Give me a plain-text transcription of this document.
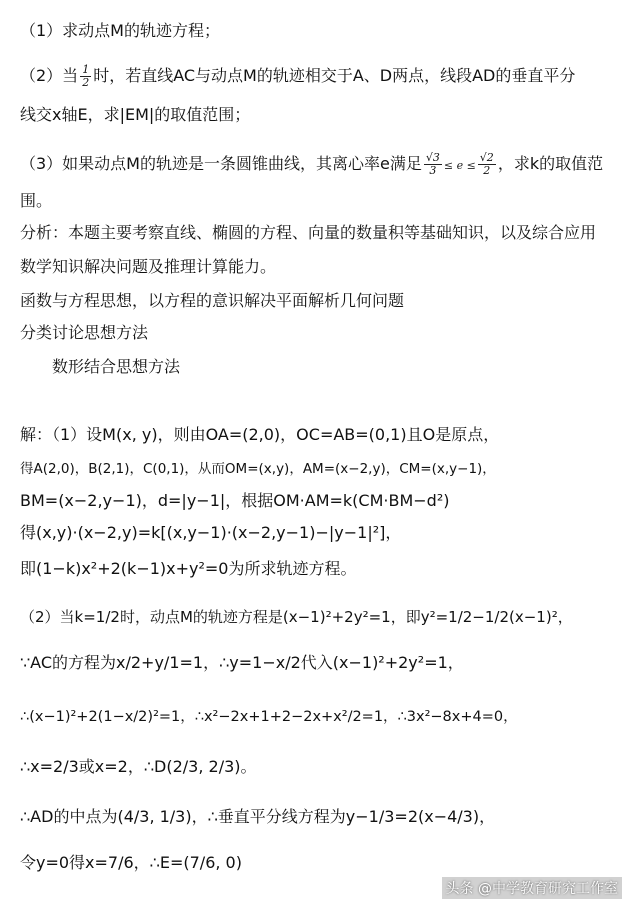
（1）求动点M的轨迹方程；
（2）当 $\frac{1}{2}$ 时，若直线AC与动点M的轨迹相交于A、D两点，线段AD的垂直平分
线交x轴E，求|EM|的取值范围；
（3）如果动点M的轨迹是一条圆锥曲线，其离心率e满足 $\frac{√3}{3} \le e \le \frac{√2}{2}$ ，求k的取值范
围。
分析：本题主要考察直线、椭圆的方程、向量的数量积等基础知识，以及综合应用
数学知识解决问题及推理计算能力。
函数与方程思想，以方程的意识解决平面解析几何问题
分类讨论思想方法
数形结合思想方法
解：（1）设M(x, y)，则由OA=(2,0)，OC=AB=(0,1)且O是原点，
得A(2,0)，B(2,1)，C(0,1)，从而OM=(x,y)，AM=(x−2,y)，CM=(x,y−1)，
BM=(x−2,y−1)，d=|y−1|，根据OM·AM=k(CM·BM−d²)
得(x,y)·(x−2,y)=k[(x,y−1)·(x−2,y−1)−|y−1|²]，
即(1−k)x²+2(k−1)x+y²=0为所求轨迹方程。
（2）当k=1/2时，动点M的轨迹方程是(x−1)²+2y²=1，即y²=1/2−1/2(x−1)²，
∵AC的方程为x/2+y/1=1，∴y=1−x/2代入(x−1)²+2y²=1，
∴(x−1)²+2(1−x/2)²=1，∴x²−2x+1+2−2x+x²/2=1，∴3x²−8x+4=0，
∴x=2/3或x=2，∴D(2/3, 2/3)。
∴AD的中点为(4/3, 1/3)，∴垂直平分线方程为y−1/3=2(x−4/3)，
令y=0得x=7/6，∴E=(7/6, 0)
头条 @中学教育研究工作室
